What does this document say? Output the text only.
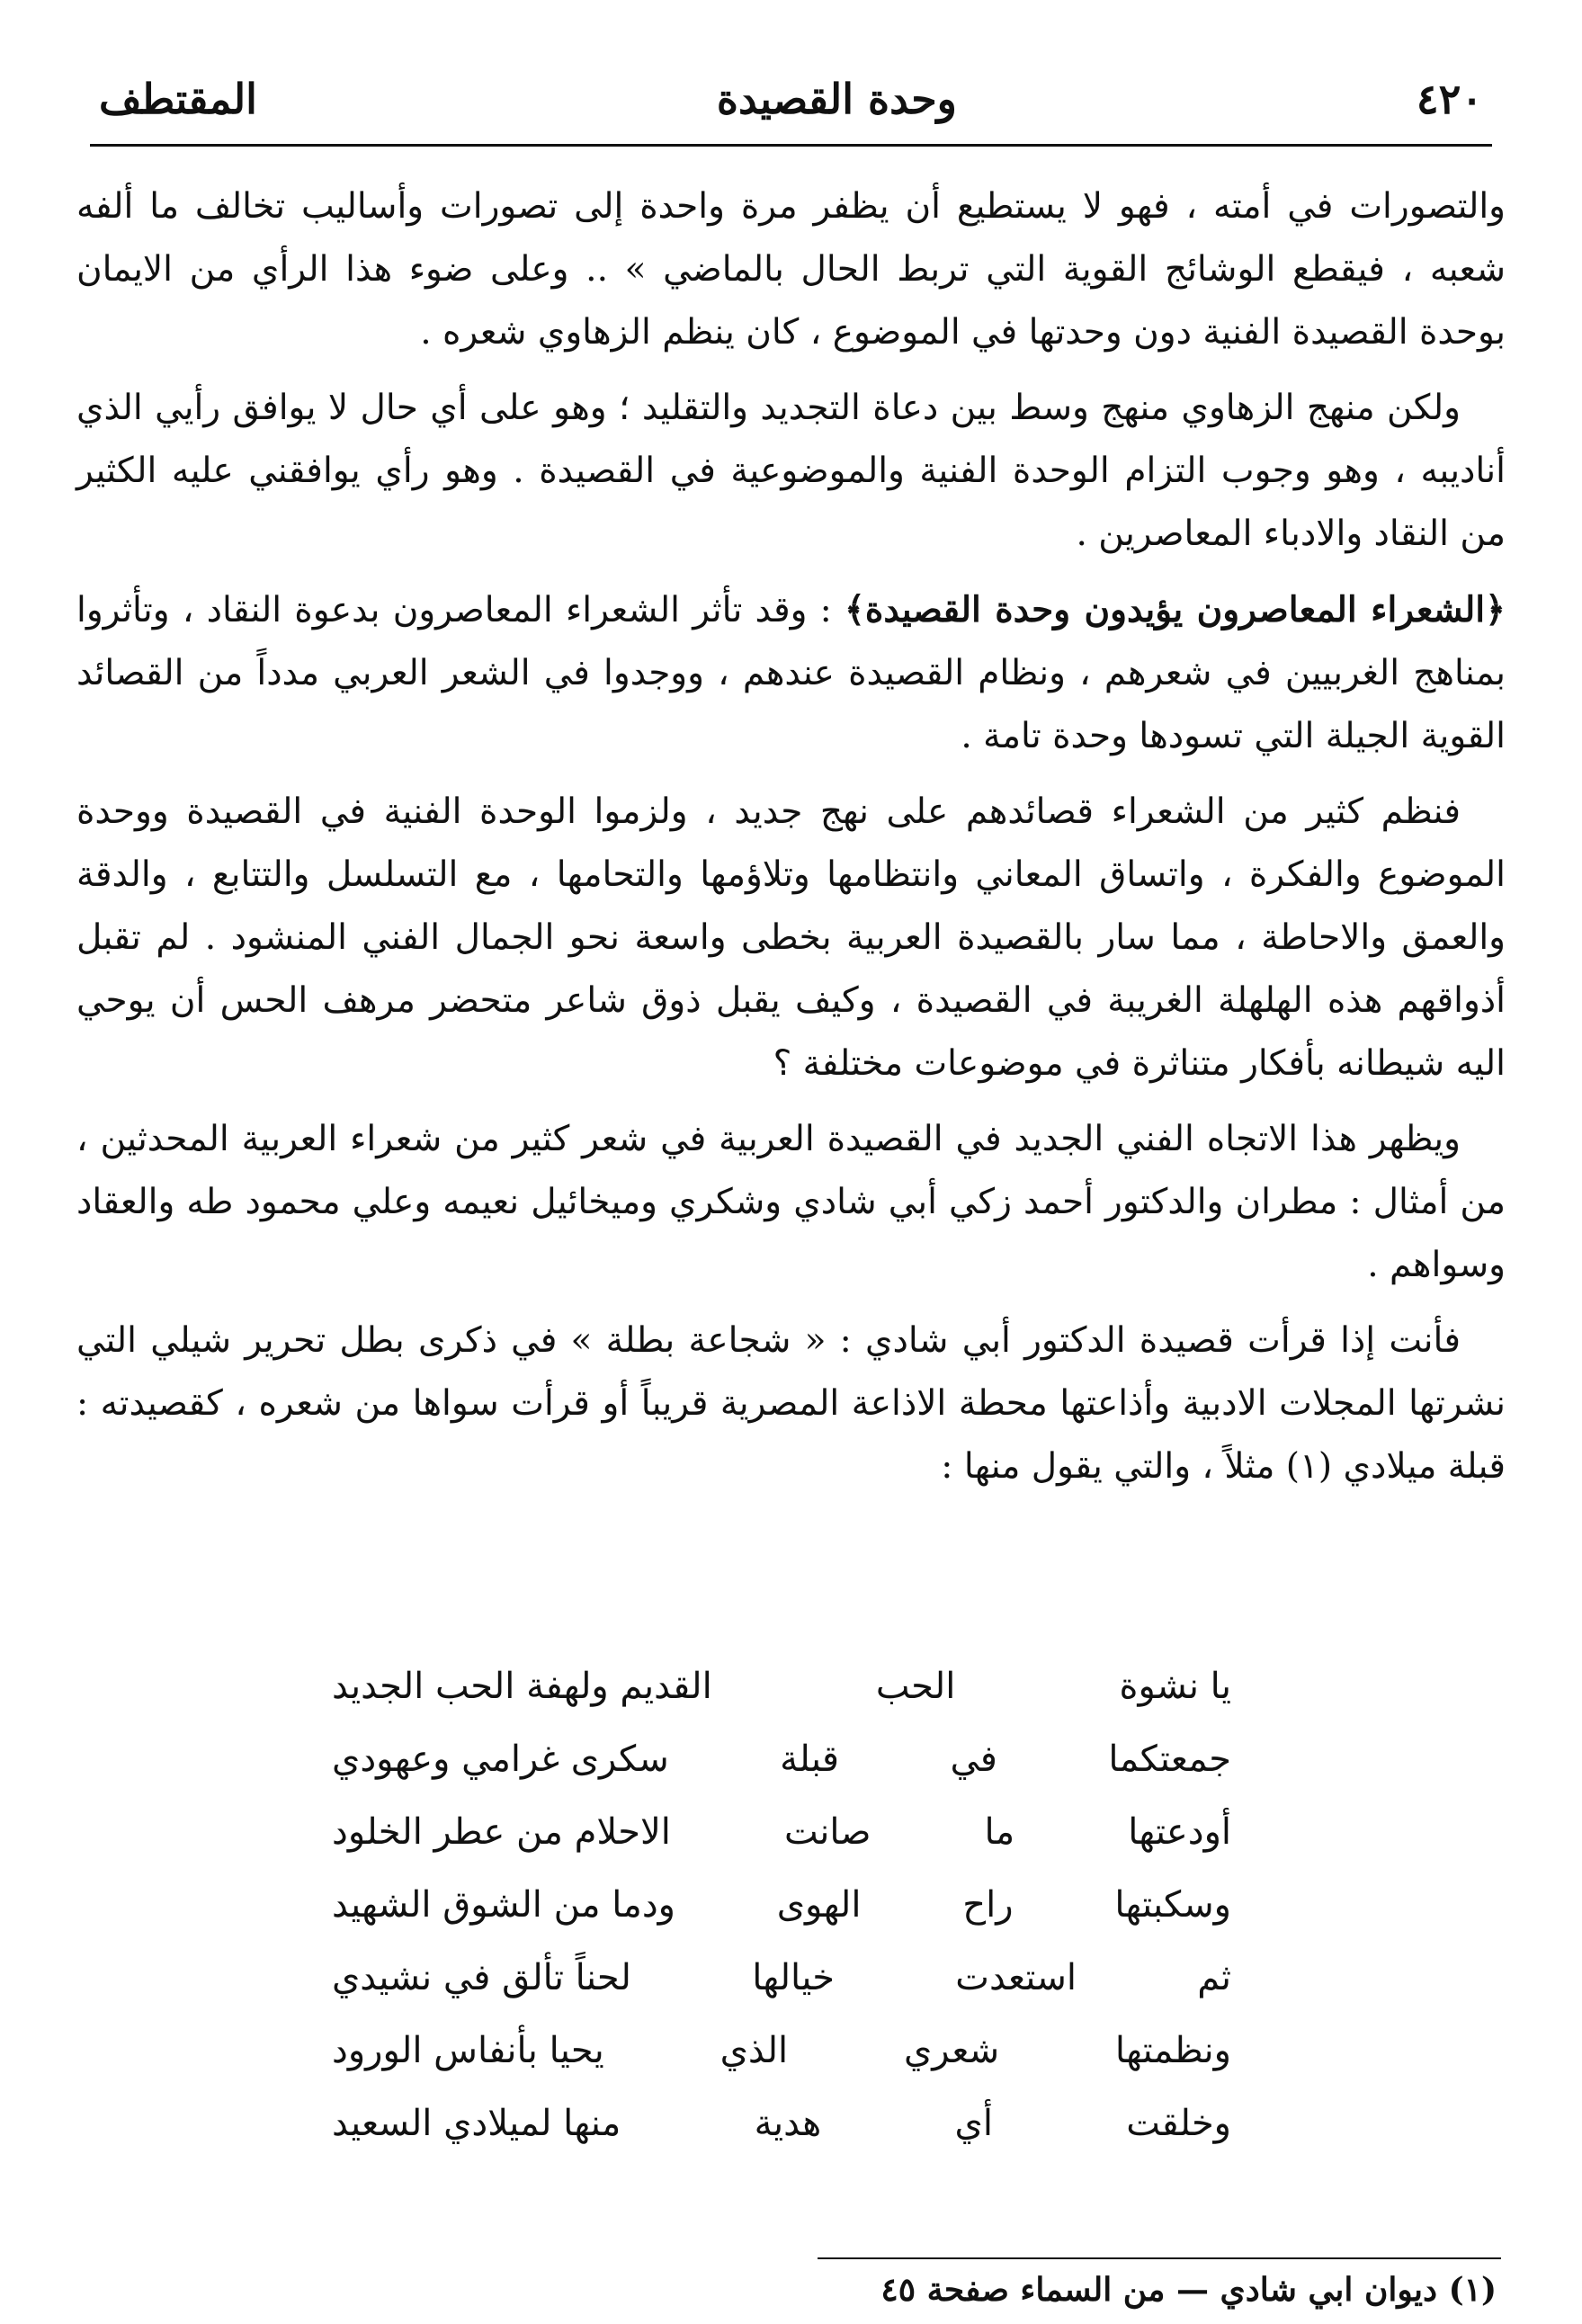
٤٢٠
وحدة القصيدة
المقتطف

والتصورات في أمته ، فهو لا يستطيع أن يظفر مرة واحدة إلى تصورات وأساليب تخالف ما ألفه شعبه ، فيقطع الوشائج القوية التي تربط الحال بالماضي » .. وعلى ضوء هذا الرأي من الايمان بوحدة القصيدة الفنية دون وحدتها في الموضوع ، كان ينظم الزهاوي شعره .

ولكن منهج الزهاوي منهج وسط بين دعاة التجديد والتقليد ؛ وهو على أي حال لا يوافق رأيي الذي أناديبه ، وهو وجوب التزام الوحدة الفنية والموضوعية في القصيدة . وهو رأي يوافقني عليه الكثير من النقاد والادباء المعاصرين .

﴿الشعراء المعاصرون يؤيدون وحدة القصيدة﴾ : وقد تأثر الشعراء المعاصرون بدعوة النقاد ، وتأثروا بمناهج الغربيين في شعرهم ، ونظام القصيدة عندهم ، ووجدوا في الشعر العربي مدداً من القصائد القوية الجيلة التي تسودها وحدة تامة .

فنظم كثير من الشعراء قصائدهم على نهج جديد ، ولزموا الوحدة الفنية في القصيدة ووحدة الموضوع والفكرة ، واتساق المعاني وانتظامها وتلاؤمها والتحامها ، مع التسلسل والتتابع ، والدقة والعمق والاحاطة ، مما سار بالقصيدة العربية بخطى واسعة نحو الجمال الفني المنشود . لم تقبل أذواقهم هذه الهلهلة الغريبة في القصيدة ، وكيف يقبل ذوق شاعر متحضر مرهف الحس أن يوحي اليه شيطانه بأفكار متناثرة في موضوعات مختلفة ؟

ويظهر هذا الاتجاه الفني الجديد في القصيدة العربية في شعر كثير من شعراء العربية المحدثين ، من أمثال : مطران والدكتور أحمد زكي أبي شادي وشكري وميخائيل نعيمه وعلي محمود طه والعقاد وسواهم .

فأنت إذا قرأت قصيدة الدكتور أبي شادي : « شجاعة بطلة » في ذكرى بطل تحرير شيلي التي نشرتها المجلات الادبية وأذاعتها محطة الاذاعة المصرية قريباً أو قرأت سواها من شعره ، كقصيدته : قبلة ميلادي (١) مثلاً ، والتي يقول منها :

يا نشوة
الحب
القديم ولهفة الحب الجديد
جمعتكما
في
قبلة
سكرى غرامي وعهودي
أودعتها
ما
صانت
الاحلام من عطر الخلود
وسكبتها
راح
الهوى
ودما من الشوق الشهيد
ثم
استعدت
خيالها
لحناً تألق في نشيدي
ونظمتها
شعري
الذي
يحيا بأنفاس الورود
وخلقت
أي
هدية
منها لميلادي السعيد
(١) ديوان ابي شادي — من السماء صفحة ٤٥
